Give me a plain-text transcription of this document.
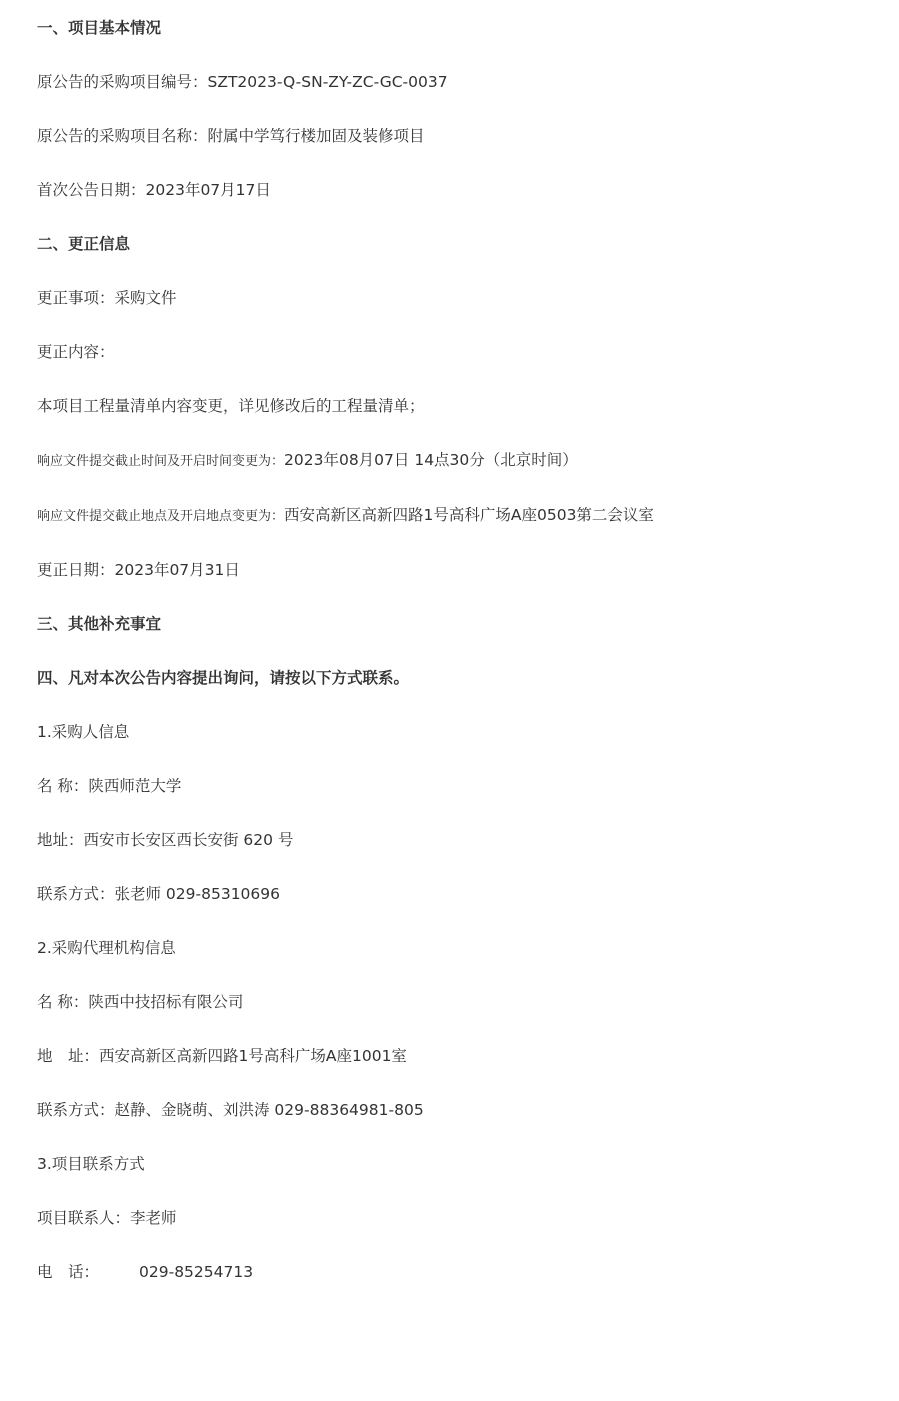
一、项目基本情况
原公告的采购项目编号：SZT2023-Q-SN-ZY-ZC-GC-0037
原公告的采购项目名称：附属中学笃行楼加固及装修项目
首次公告日期：2023年07月17日
二、更正信息
更正事项：采购文件
更正内容：
本项目工程量清单内容变更，详见修改后的工程量清单；
响应文件提交截止时间及开启时间变更为：2023年08月07日 14点30分（北京时间）
响应文件提交截止地点及开启地点变更为：西安高新区高新四路1号高科广场A座0503第二会议室
更正日期：2023年07月31日
三、其他补充事宜
四、凡对本次公告内容提出询问，请按以下方式联系。
1.采购人信息
名 称：陕西师范大学
地址：西安市长安区西长安街 620 号
联系方式：张老师 029-85310696
2.采购代理机构信息
名 称：陕西中技招标有限公司
地　址：西安高新区高新四路1号高科广场A座1001室
联系方式：赵静、金晓萌、刘洪涛 029-88364981-805
3.项目联系方式
项目联系人：李老师
电　话：	029-85254713
